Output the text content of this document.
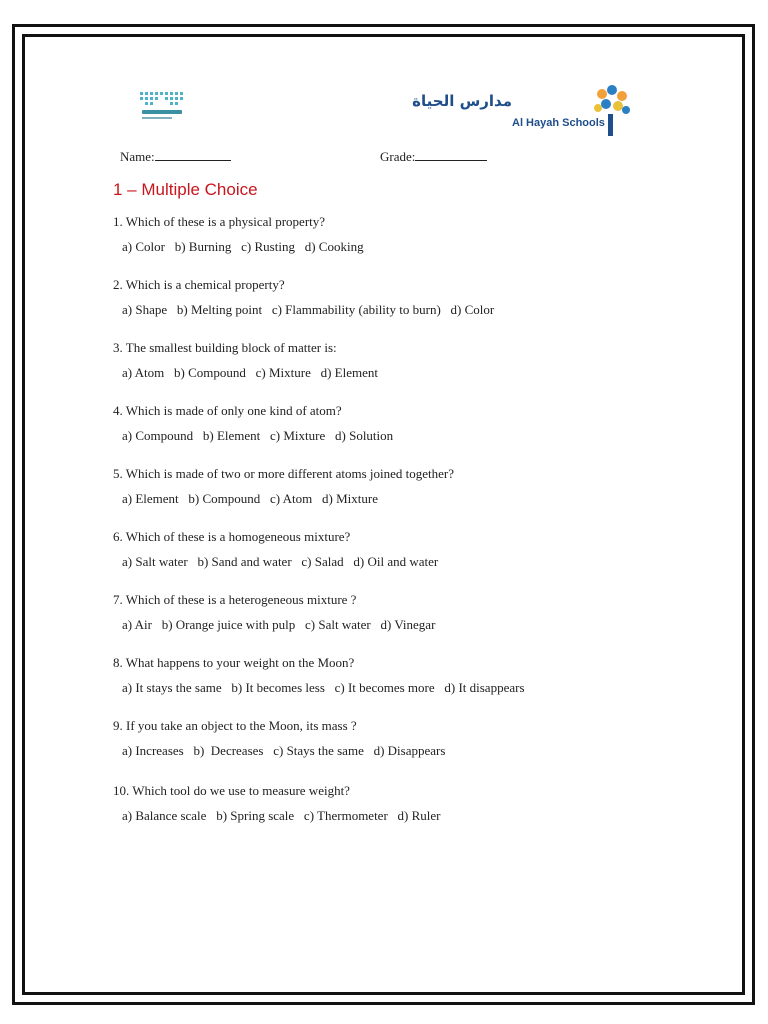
مدارس الحياة
Al Hayah Schools
Name:	Grade:
1 – Multiple Choice

1. Which of these is a physical property?

a) Color   b) Burning   c) Rusting   d) Cooking

2. Which is a chemical property?

a) Shape   b) Melting point   c) Flammability (ability to burn)   d) Color

3. The smallest building block of matter is:

a) Atom   b) Compound   c) Mixture   d) Element

4. Which is made of only one kind of atom?

a) Compound   b) Element   c) Mixture   d) Solution

5. Which is made of two or more different atoms joined together?

a) Element   b) Compound   c) Atom   d) Mixture

6. Which of these is a homogeneous mixture?

a) Salt water   b) Sand and water   c) Salad   d) Oil and water

7. Which of these is a heterogeneous mixture ?

a) Air   b) Orange juice with pulp   c) Salt water   d) Vinegar

8. What happens to your weight on the Moon?

a) It stays the same   b) It becomes less   c) It becomes more   d) It disappears

9. If you take an object to the Moon, its mass ?

a) Increases   b)  Decreases   c) Stays the same   d) Disappears

10. Which tool do we use to measure weight?

a) Balance scale   b) Spring scale   c) Thermometer   d) Ruler
